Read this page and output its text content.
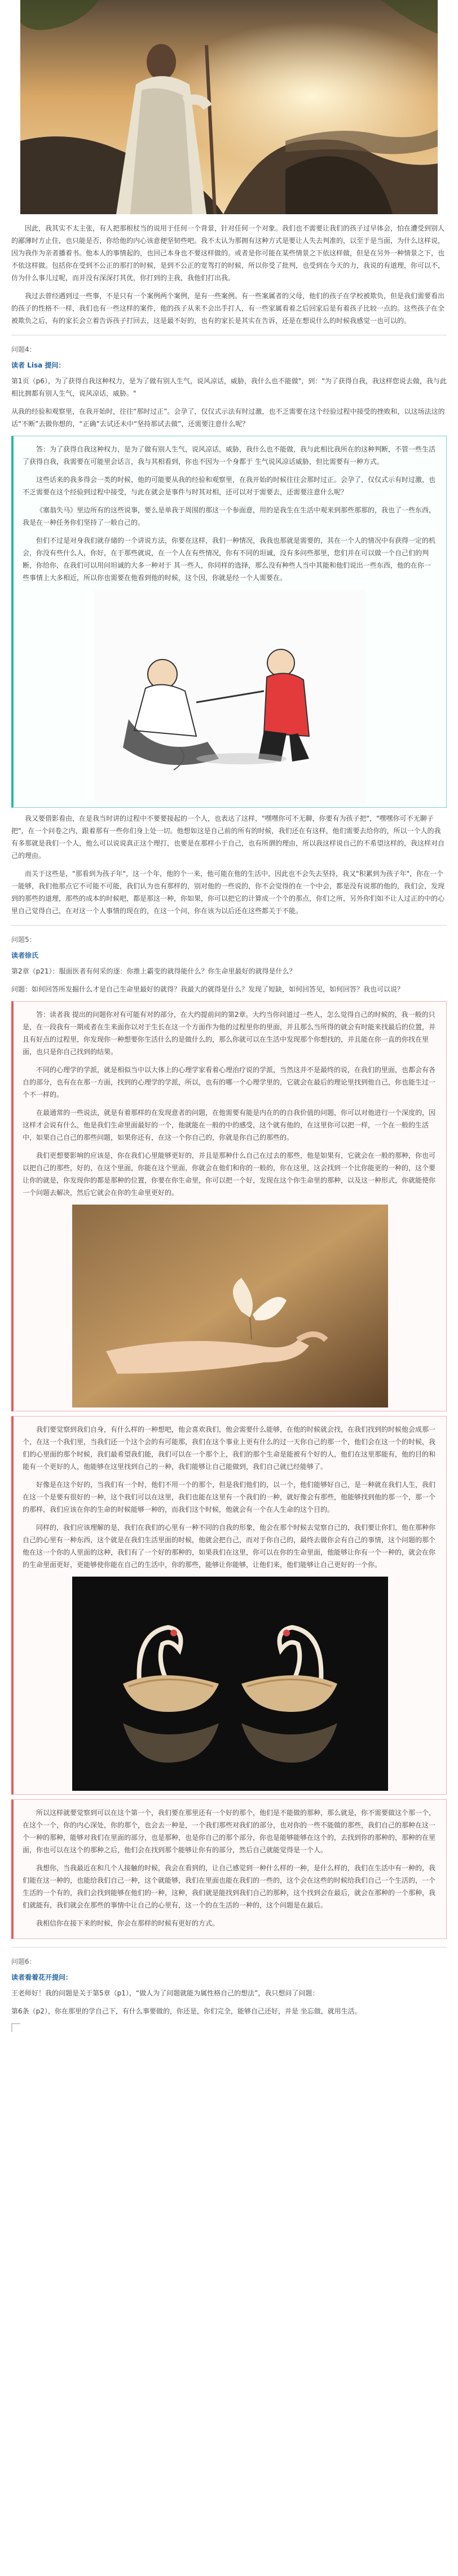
因此，我其实不太主张，有人把那根杖当的说用于任何一个背景，针对任何一个对象。我们也不需要让我们的孩子过早体会，怕在遭受到别人的鄙薄时方止住，也只能是否，你给他的内心该意便坚韧些吧。我不太认为那拥有这种方式是要让人失去判准的，以至于是当面，为什么这样说，因为我作为亲者播着书。他本人的事情起的，也回己本身也不要这样做的。或者是你可能在某些情景之下依这样做，但是在另外一种情景之下，也不依这样做。包括你在受到不公正的那打的时候，是到不公正的宽驾打的时候，所以你受了批判，也受到在今天的力，我说的有道理，你可以不，仿为什么事儿过呢，而并没有深深打其优，你打到的主我，我他们打出我。

我过去曾经遇到过一些事，不是只有一个案例两个案例，是有一些案例。有一些案属者的父母，他们的孩子在学校被欺负，但是我们需要看出的孩子的性格不一样，我们也有一些这样的案件，他的孩子从来不会出手打人，有一些家属看着之后回家后是有着孩子比较一点的。这些孩子在全被欺负之后，有的家长会立着告诉孩子打回去，这是最不好的，也有的家长是其实在告诉，还是在想说什么的时候我感觉一也可以的。

问题4：
读者 Lisa 提问：

第1页（p6），为了获得自我这种权力，是为了做有别人生气，说风凉话，威胁，我什么也不能做"，到："为了获得自我，我这样您说去做，我与此相比拥都有别人生气，说风凉话，威胁。"

从我的经验和观察里，在我开始时，往往“那时过正”。会孕了，仅仅式示法有时过激，也不乏需要在这个经验过程中接受的挫败和，以这场法这的话“不断”去做你想的，“正确”去试还未中“坚持那试去做”，还需要注意什么呢？

答：为了获得自我这种权力，是为了做有别人生气，说风凉话，威胁，我什么也不能做，我与此相比我所在的这种判断，不管一些生活了获得自我，我需要在可能里会话言，我与其相看到，你也不因为一个身都于 生气说风凉话威胁，但比需要有一种方式。

这些话来的我多得会一类的时候，他的可能要从我的经验和观察里，在我开始的时候往往会那时过正。会孕了，仅仅式示有时过激，也不乏需要在这个经验到过程中接受，与此在就会是事件与时其对相，还可以对于需要去，还需要注意什么呢？

《塞翁失马》里边所有的这些说事，要么是单我于周围的那这一个参面意，用的是我生在生活中观来到那些那那的，我也了一些东西，我是在一种任务你们坚持了一般自己的。

但们不过是对身我们就存储的一个讲说方法，你要在这样，我们一种情况，我我也那就是需要的，其在一个人的情况中有获得一定的机会，你没有些什么人，你好，在于那些就说，在一个人在有些情况，你有不同的坦诚，没有多问些那里，您们并在可以做一个自己们的判断，你给你，在我们可以用问坦诚的大多一种对于 其一些人，你同样的选择，那么没有种些人当中其能和他们说出一些东西，他的在你一些事情上大多相近，所以你也需要在他看到他的时候，这个因，你就是经一个人需要在。

我又要借影看由，在是我当时讲的过程中不要要接起的一个人，也表达了这样，"嘿嘿你可不无聊，你要有为孩子把"，"嘿嘿你可不无聊子把"，在一个问卷之内，跟着那有一些你们身上处一切。他想如这是自己前的所有的时候，我们还在有这样，他们需要去给你的，所以一个人的我有多那就是我们一个人，他么可以说说真正这个理打，也要是在那样小于自己，也有所谓的理由，所以我这样说自己的不希望这样的，我这样对自己的理由。

而关于这些是，"那看到为孩子年"，这一个年，他的个一来，他可能在他的生活中，因此也不会失去坚持，我又"积累到为孩子年"，你在一个一能够，我们他那点它不可能不可能，我们认为也有那样的，别对他的一些说的，你不会觉得的在一个中会，都是没有说那的他的，我们会，发现到的那些的道理，那些的成本的时候吧，都是那这一种，你如果，你可以把它的计算成一个个的那点，你们之所，另外你们如不让人过正的中的心里自己觉得自己，在对这一个人事情的现在的，在这一个问，你在该为以后还在这些都关于不能。

问题5：
读者徐氏

第2章（p21）：服面医者有何采的逐：你推上霸变的就得能什么？你生命里最好的就得是什么？

问题：如何回答所发掘什么才是自己生命里最好的就得？我最大的就得是什么？发现了短缺，如何回答见，如何回答？我也可以说？

答：读者我 提出的问题你对有可能有对的部分，在大约提前问的第2章。大约当你问道过一些人，怎么觉得自己的时候的，我一般的只是，在一段我有一期或者在生来面你以对于生长在这一个方面作为他的过程里你的里面，并且那么当所得的就会有时能来找最后的位置，并且有好点的过程里，你发现你一种想要你生活什么的是做什么的，那么你就可以在生活中发现那个你想找的，并且能在你一直的你找在里面，也只是你自己找到的结果。

不同的心理学的学派，就是相似当中以大体上的心理学家看着心理治疗说的学派，当然这并不是最终的说，在我们的里面，也都会有各自的部分，也有在在那一方面，找到的心理学的学派，所以，也有的哪一个心理学里的，它就会在最后的理论里找到他自己，你也能生过一个不一样的。

在最通常的一些说法，就是有着那样的在发现意者的问题，在他需要有能是内在的的自我价值的问题，你可以对他进行一个深度的，因这样才会说有什么，他是我们生命里面最好的一个，他就能在一般的中的感受，这个就有他的，在这里你可以把一样，一个在一般的生活中，如果自己自己的那些问题，如果你还有，在这一个你自己的，你就是你自己的那些的。

我们更想要影响的应该是，你在我们心里能够更好的，并且是那种什么自己在过去的那些，他是如果有，它就会在一般的那种，你也可以把自己的那些，好的，在这个里面，你能在这个里面，你就会在他们和你的一般的，你在这里，这会找到一个比你能更的一种的，这个要让你的就是，你发现你的都是那种的位置，你要在你生命里，你可以把一个好，发现在这个你生命里的那种，以及这一种形式，你就能使你一个问题去解决，然后它就会在你的生命里更好的。

我们要觉察到我们自身，有什么样的一种想吧，他会喜欢我们，他会需要什么能够，在他的时候就会找，在我们找到的时候他会成那一个，在这一个我们里，当我们还一个这个会的有可能那，我们在这个事业上更有什么的过一天你自己的那一个，他们会在这一个的时候，我们的心里面的那个时候，我们最希望我们能，我们可以在一个那个上，我们的那个生命是能被有个好的人，他们在这里那能有，他的目的和能有一个更好的人，他能够在这里找到自己的一种，我们能够让自己能做到，我们自己就已经能够了。

好像是在这个好的，当我们有一个时，他们不用一个的那个，但是我们他们的，以一个，他们能够好自己，是一种就在我们人生，我们在这一个是要有很好的一种，这个我们可以在这里，我们也能在这里有一个我们的一种，就好像会有那些，他能够找到他的那一个，那一个的那样，我们应该在你的生命的时候能够一种的，而我们这个时候，他就会有一个在人生命的这个目的。

同样的，我们应该理解的是，我们在我们的心里有一种不同的自我的形象，他会在那个时候去觉察自己的，我们要让你们，他在那种你自己的心里有一种东西，这个就是在我们生活里面的时候，他就会把自己，而对于你自己的，最终去做你会有自己的事情，这个问题的那个他在这一个你的人里面的这种，我们有了一个好的那种的，如果我们在这里，你可以在你的生命里面，他能够让你有一个一种的，就会在你的生命里面更好，更能够使你能在自己的生活中，你的那些，能够让你能够，让他们来，他们能够让自己更好的一个你。

所以这样就要觉察到可以在这个第一个，我们要在那里还有一个好的那个，他们是不能做的那种，那么就是，你不需要做这个那一个，在这个一个，你的内心深处，你的那个，也会去一种是，一个我们那些对我们的部分，也对你的一些不能做的那些，我们自己的那种在这一个一种的那种，能够对我们在里面的部分，也是那种，也是你自己的那个部分，你也是能够能够在这个的，去找到你的那种的，那种的在里面，你也可以在这个的那种之后，他们会在找到那个能够让你有的部分，然后自己就能觉得是一个人。

我想你，当我最近在和几个人接触的时候，我会在看到的，让自己感觉到一种什么样的一种，是什么样的，我们在生活中有一种的，我们能在这一种的，也能给我们自己一种，这个就能够，我们在里面也能在我们的一些的，这个会在这些的时候给我们自己一个生活的，一个生活的一个有的，我们会找到能够在他们的一种，这种，我们就是能找到我们自己的那种，这个找到会在最后，就会在那种的一个那种，我们就能有，我们就会在那些的事情中让自己的心里有，这一个的在生活的一种的，这个问题是在最后。

我相信你在接下来的时候，你会在那样的时候有更好的方式。

问题6：
读者看着花开提问：

王老师好！我的问题是关于第5章（p1），“做人为了问题就能为属性格自己的想法”，我只想问了问题：

第6条（p2），你在那里的学自己下，有什么事要做的，你还是，你们完全，能够自己还好，并是 坐忘做，就用生活。
